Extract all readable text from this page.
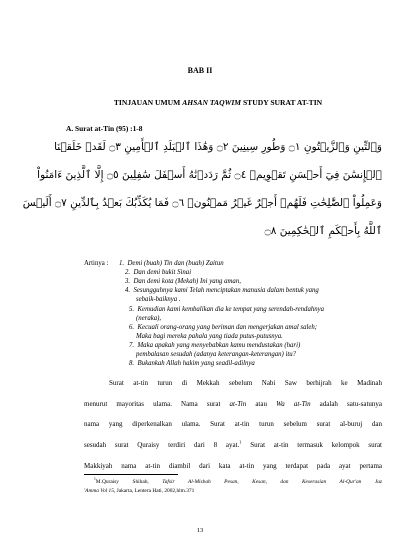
BAB II
TINJAUAN UMUM AHSAN TAQWIM STUDY SURAT AT-TIN
A. Surat at-Tin (95) :1-8
وَٱلتِّينِ وَٱلزَّيۡتُونِ ۝١ وَطُورِ سِينِينَ ۝٢ وَهَٰذَا ٱلۡبَلَدِ ٱلۡأَمِينِ ۝٣ لَقَدۡ خَلَقۡنَا
ٱلۡإِنسَٰنَ فِيٓ أَحۡسَنِ تَقۡوِيمٖ ۝٤ ثُمَّ رَدَدۡنَٰهُ أَسۡفَلَ سَٰفِلِينَ ۝٥ إِلَّا ٱلَّذِينَ ءَامَنُواْ
وَعَمِلُواْ ٱلصَّٰلِحَٰتِ فَلَهُمۡ أَجۡرٌ غَيۡرُ مَمۡنُونٖ ۝٦ فَمَا يُكَذِّبُكَ بَعۡدُ بِٱلدِّينِ ۝٧ أَلَيۡسَ
ٱللَّهُ بِأَحۡكَمِ ٱلۡحَٰكِمِينَ ۝٨
Artinya : 1. Demi (buah) Tin dan (buah) Zaitun
2. Dan demi bukit Sinai
3. Dan demi kota (Mekah) Ini yang aman,
4. Sesungguhnya kami Telah menciptakan manusia dalam bentuk yang
sebaik-baiknya .
5. Kemudian kami kembalikan dia ke tempat yang serendah-rendahnya
(neraka),
6. Kecuali orang-orang yang beriman dan mengerjakan amal saleh;
Maka bagi mereka pahala yang tiada putus-putusnya.
7. Maka apakah yang menyebabkan kamu mendustakan (hari)
pembalasan sesudah (adanya keterangan-keterangan) itu?
8. Bukankah Allah hakim yang seadil-adilnya
Surat at-tin turun di Mekkah sebelum Nabi Saw berhijrah ke Madinah
menurut mayoritas ulama. Nama surat at-Tin atau Wa at-Tin adalah satu-satunya
nama yang diperkenalkan ulama. Surat at-tin turun sebelum surat al-buruj dan
sesudah surat Quraisy terdiri dari 8 ayat.$^1$ Surat at-tin termasuk kelompok surat
Makkiyah nama at-tin diambil dari kata at-tin yang terdapat pada ayat pertama
$^1$M.Quraisy Shihab, Tafsir Al-Misbah Pesan, Kesan, dan Keserasian Al-Qur'an Juz
'Amma Vol 15, Jakarta, Lentera Hati, 2002,hlm.371
13
